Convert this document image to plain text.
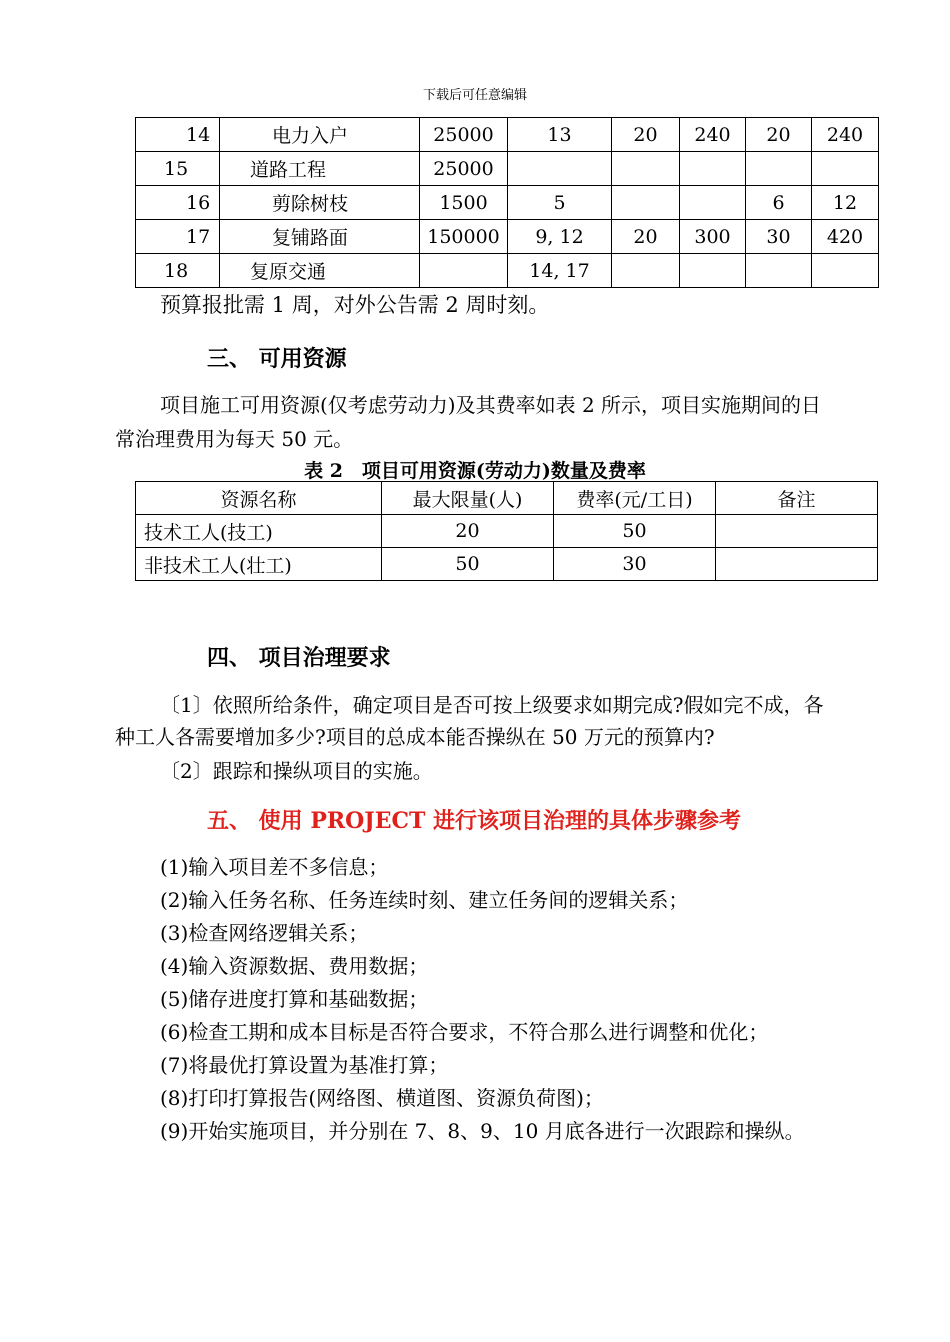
下载后可任意编辑
14	电力入户	25000	13	20	240	20	240
15	道路工程	25000					
16	剪除树枝	1500	5			6	12
17	复铺路面	150000	9, 12	20	300	30	420
18	复原交通		14, 17				
预算报批需 1 周，对外公告需 2 周时刻。
三、 可用资源
项目施工可用资源(仅考虑劳动力)及其费率如表 2 所示，项目实施期间的日
常治理费用为每天 50 元。
表 2　项目可用资源(劳动力)数量及费率
资源名称	最大限量(人)	费率(元/工日)	备注
技术工人(技工)	20	50	
非技术工人(壮工)	50	30	
四、 项目治理要求
〔1〕依照所给条件，确定项目是否可按上级要求如期完成?假如完不成，各
种工人各需要增加多少?项目的总成本能否操纵在 50 万元的预算内?
〔2〕跟踪和操纵项目的实施。
五、 使用 PROJECT 进行该项目治理的具体步骤参考
(1)输入项目差不多信息；
(2)输入任务名称、任务连续时刻、建立任务间的逻辑关系；
(3)检查网络逻辑关系；
(4)输入资源数据、费用数据；
(5)储存进度打算和基础数据；
(6)检查工期和成本目标是否符合要求，不符合那么进行调整和优化；
(7)将最优打算设置为基准打算；
(8)打印打算报告(网络图、横道图、资源负荷图)；
(9)开始实施项目，并分别在 7、8、9、10 月底各进行一次跟踪和操纵。
